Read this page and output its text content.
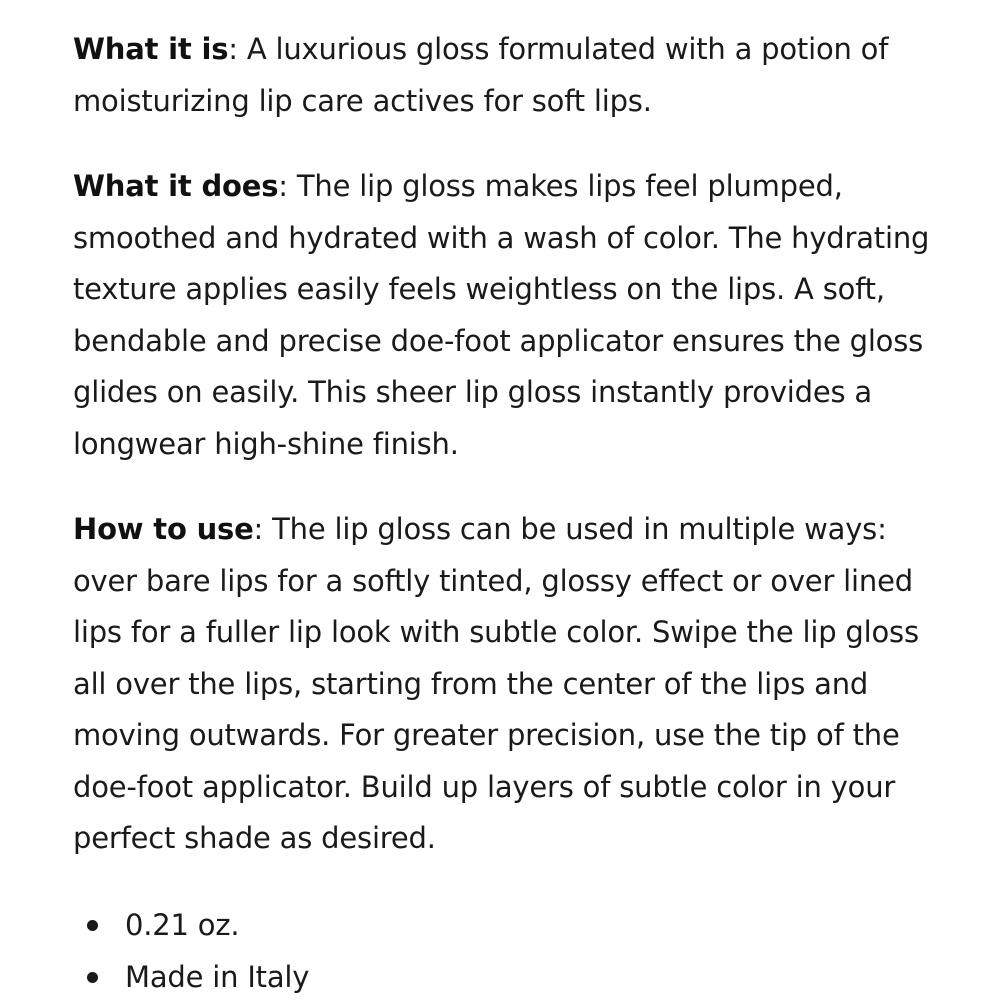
What it is: A luxurious gloss formulated with a potion of moisturizing lip care actives for soft lips.

What it does: The lip gloss makes lips feel plumped, smoothed and hydrated with a wash of color. The hydrating texture applies easily feels weightless on the lips. A soft, bendable and precise doe-foot applicator ensures the gloss glides on easily. This sheer lip gloss instantly provides a longwear high-shine finish.

How to use: The lip gloss can be used in multiple ways: over bare lips for a softly tinted, glossy effect or over lined lips for a fuller lip look with subtle color. Swipe the lip gloss all over the lips, starting from the center of the lips and moving outwards. For greater precision, use the tip of the doe-foot applicator. Build up layers of subtle color in your perfect shade as desired.

0.21 oz.
Made in Italy
